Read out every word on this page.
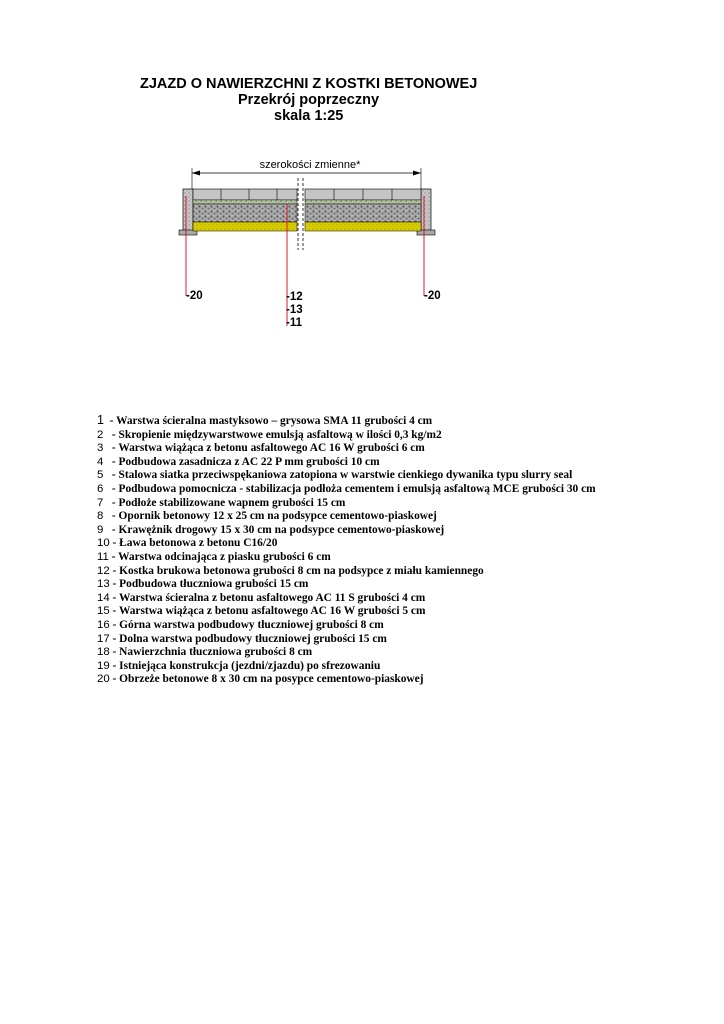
ZJAZD O NAWIERZCHNI Z KOSTKI BETONOWEJ
Przekrój poprzeczny
skala 1:25
szerokości zmienne*
-20	-20
-12
-13
-11
1  - Warstwa ścieralna mastyksowo – grysowa SMA 11 grubości 4 cm
2   - Skropienie międzywarstwowe emulsją asfaltową w ilości 0,3 kg/m2
3   - Warstwa wiążąca z betonu asfaltowego AC 16 W grubości 6 cm
4   - Podbudowa zasadnicza z AC 22 P mm grubości 10 cm
5   - Stalowa siatka przeciwspękaniowa zatopiona w warstwie cienkiego dywanika typu slurry seal
6   - Podbudowa pomocnicza - stabilizacja podłoża cementem i emulsją asfaltową MCE grubości 30 cm
7   - Podłoże stabilizowane wapnem grubości 15 cm
8   - Opornik betonowy 12 x 25 cm na podsypce cementowo-piaskowej
9   - Krawężnik drogowy 15 x 30 cm na podsypce cementowo-piaskowej
10 - Ława betonowa z betonu C16/20
11 - Warstwa odcinająca z piasku grubości 6 cm
12 - Kostka brukowa betonowa grubości 8 cm na podsypce z miału kamiennego
13 - Podbudowa tłuczniowa grubości 15 cm
14 - Warstwa ścieralna z betonu asfaltowego AC 11 S grubości 4 cm
15 - Warstwa wiążąca z betonu asfaltowego AC 16 W grubości 5 cm
16 - Górna warstwa podbudowy tłuczniowej grubości 8 cm
17 - Dolna warstwa podbudowy tłuczniowej grubości 15 cm
18 - Nawierzchnia tłuczniowa grubości 8 cm
19 - Istniejąca konstrukcja (jezdni/zjazdu) po sfrezowaniu
20 - Obrzeże betonowe 8 x 30 cm na posypce cementowo-piaskowej
